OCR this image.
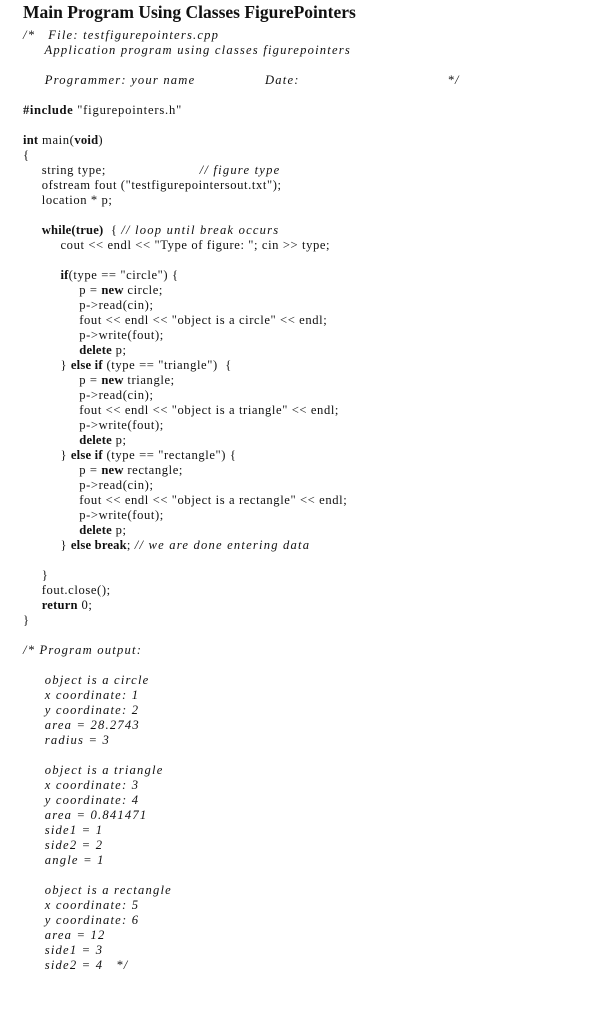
Main Program Using Classes FigurePointers
/*   File: testfigurepointers.cpp
Application program using classes figurepointers
Programmer: your name                Date:                                  */
#include "figurepointers.h"
int main(void)
{
string type;                         // figure type
ofstream fout ("testfigurepointersout.txt");
location * p;
while(true)  { // loop until break occurs
cout << endl << "Type of figure: "; cin >> type;
if(type == "circle") {
p = new circle;
p->read(cin);
fout << endl << "object is a circle" << endl;
p->write(fout);
delete p;
} else if (type == "triangle")  {
p = new triangle;
p->read(cin);
fout << endl << "object is a triangle" << endl;
p->write(fout);
delete p;
} else if (type == "rectangle") {
p = new rectangle;
p->read(cin);
fout << endl << "object is a rectangle" << endl;
p->write(fout);
delete p;
} else break; // we are done entering data
}
fout.close();
return 0;
}
/* Program output:
object is a circle
x coordinate: 1
y coordinate: 2
area = 28.2743
radius = 3
object is a triangle
x coordinate: 3
y coordinate: 4
area = 0.841471
side1 = 1
side2 = 2
angle = 1
object is a rectangle
x coordinate: 5
y coordinate: 6
area = 12
side1 = 3
side2 = 4   */
